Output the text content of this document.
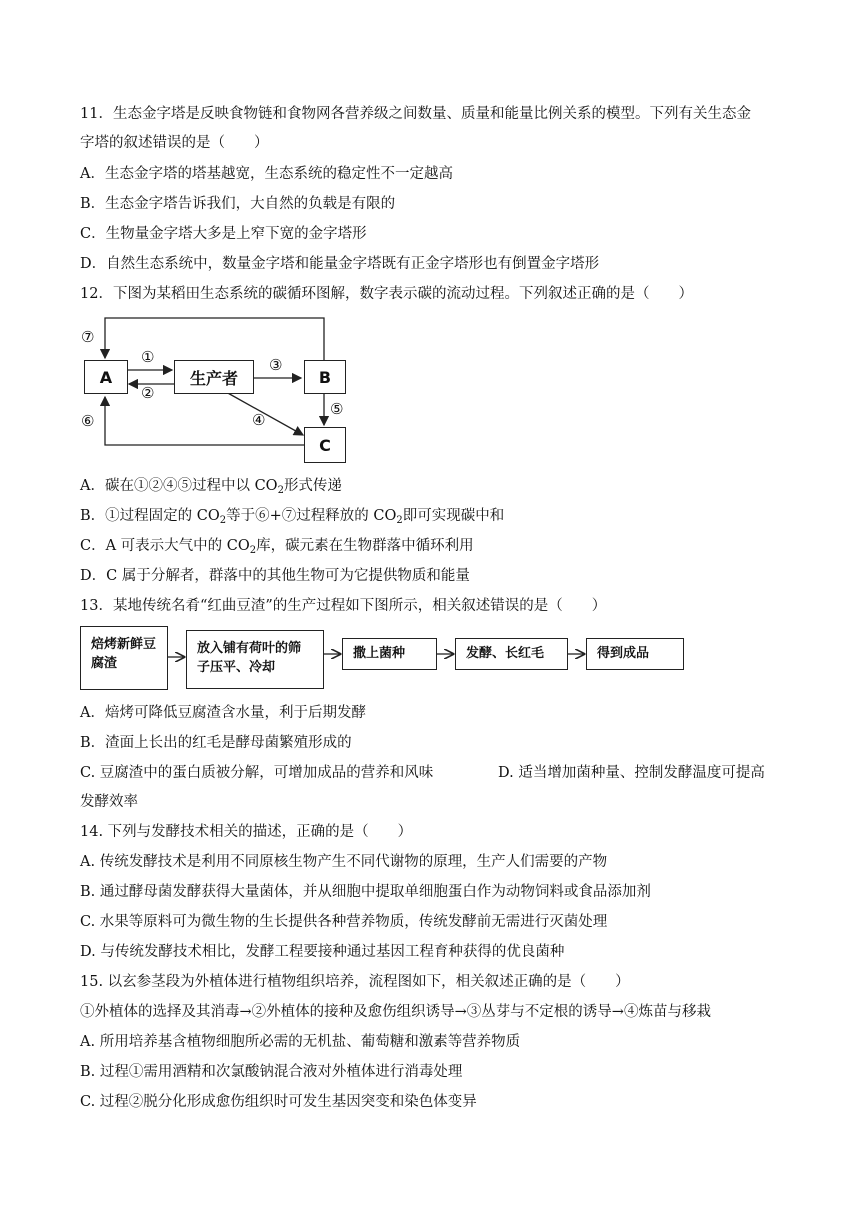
11．生态金字塔是反映食物链和食物网各营养级之间数量、质量和能量比例关系的模型。下列有关生态金
字塔的叙述错误的是（　　）
A．生态金字塔的塔基越宽，生态系统的稳定性不一定越高
B．生态金字塔告诉我们，大自然的负载是有限的
C．生物量金字塔大多是上窄下宽的金字塔形
D．自然生态系统中，数量金字塔和能量金字塔既有正金字塔形也有倒置金字塔形
12．下图为某稻田生态系统的碳循环图解，数字表示碳的流动过程。下列叙述正确的是（　　）
A	生产者	B
C
⑦
①
②
③
④
⑤
⑥
A．碳在①②④⑤过程中以 $CO_2$形式传递
B．①过程固定的 $CO_2$等于⑥+⑦过程释放的 $CO_2$即可实现碳中和
C．A 可表示大气中的 $CO_2$库，碳元素在生物群落中循环利用
D．C 属于分解者，群落中的其他生物可为它提供物质和能量
13．某地传统名肴“红曲豆渣”的生产过程如下图所示，相关叙述错误的是（　　）
焙烤新鲜豆腐渣
放入铺有荷叶的筛子压平、冷却
撒上菌种	发酵、长红毛	得到成品
A．焙烤可降低豆腐渣含水量，利于后期发酵
B．渣面上长出的红毛是酵母菌繁殖形成的
C. 豆腐渣中的蛋白质被分解，可增加成品的营养和风味	D. 适当增加菌种量、控制发酵温度可提高
发酵效率
14. 下列与发酵技术相关的描述，正确的是（　　）
A. 传统发酵技术是利用不同原核生物产生不同代谢物的原理，生产人们需要的产物
B. 通过酵母菌发酵获得大量菌体，并从细胞中提取单细胞蛋白作为动物饲料或食品添加剂
C. 水果等原料可为微生物的生长提供各种营养物质，传统发酵前无需进行灭菌处理
D. 与传统发酵技术相比，发酵工程要接种通过基因工程育种获得的优良菌种
15. 以玄参茎段为外植体进行植物组织培养，流程图如下，相关叙述正确的是（　　）
①外植体的选择及其消毒→②外植体的接种及愈伤组织诱导→③丛芽与不定根的诱导→④炼苗与移栽
A. 所用培养基含植物细胞所必需的无机盐、葡萄糖和激素等营养物质
B. 过程①需用酒精和次氯酸钠混合液对外植体进行消毒处理
C. 过程②脱分化形成愈伤组织时可发生基因突变和染色体变异
